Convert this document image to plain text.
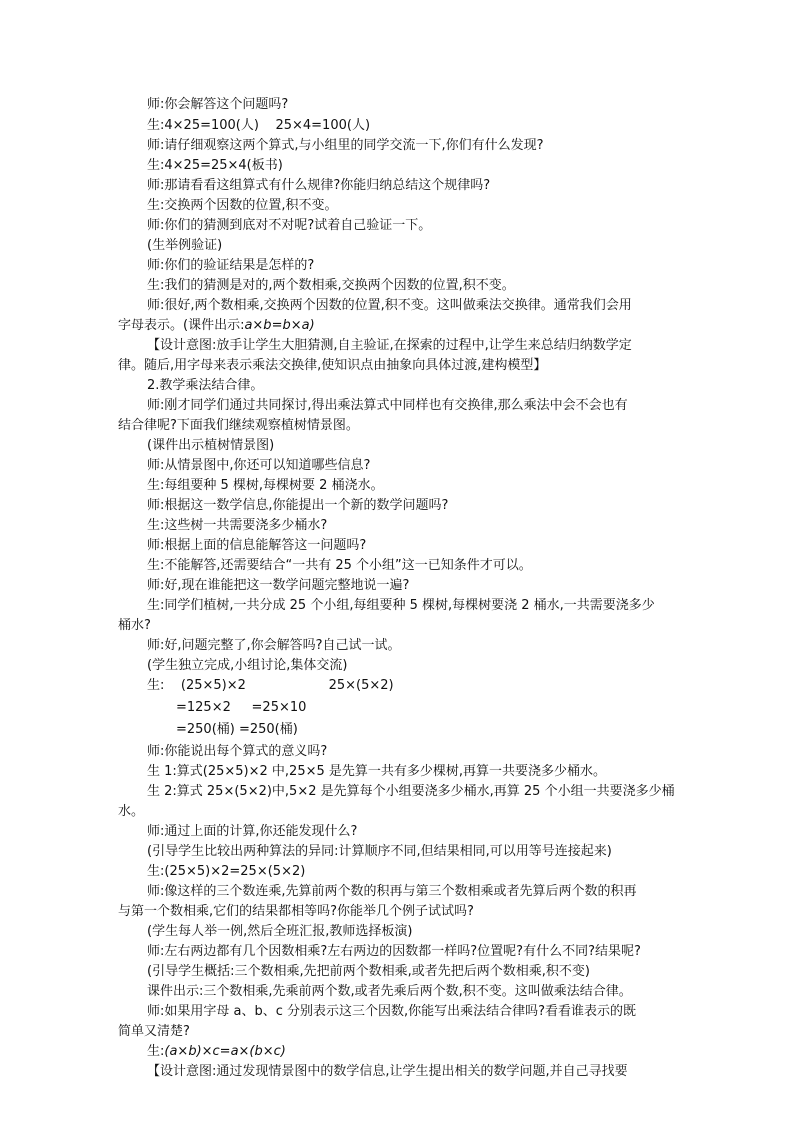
师:你会解答这个问题吗?
生:4×25=100(人)    25×4=100(人)
师:请仔细观察这两个算式,与小组里的同学交流一下,你们有什么发现?
生:4×25=25×4(板书)
师:那请看看这组算式有什么规律?你能归纳总结这个规律吗?
生:交换两个因数的位置,积不变。
师:你们的猜测到底对不对呢?试着自己验证一下。
(生举例验证)
师:你们的验证结果是怎样的?
生:我们的猜测是对的,两个数相乘,交换两个因数的位置,积不变。
师:很好,两个数相乘,交换两个因数的位置,积不变。这叫做乘法交换律。通常我们会用
字母表示。(课件出示:a×b=b×a)
【设计意图:放手让学生大胆猜测,自主验证,在探索的过程中,让学生来总结归纳数学定
律。随后,用字母来表示乘法交换律,使知识点由抽象向具体过渡,建构模型】
2.教学乘法结合律。
师:刚才同学们通过共同探讨,得出乘法算式中同样也有交换律,那么乘法中会不会也有
结合律呢?下面我们继续观察植树情景图。
(课件出示植树情景图)
师:从情景图中,你还可以知道哪些信息?
生:每组要种 5 棵树,每棵树要 2 桶浇水。
师:根据这一数学信息,你能提出一个新的数学问题吗?
生:这些树一共需要浇多少桶水?
师:根据上面的信息能解答这一问题吗?
生:不能解答,还需要结合“一共有 25 个小组”这一已知条件才可以。
师:好,现在谁能把这一数学问题完整地说一遍?
生:同学们植树,一共分成 25 个小组,每组要种 5 棵树,每棵树要浇 2 桶水,一共需要浇多少
桶水?
师:好,问题完整了,你会解答吗?自己试一试。
(学生独立完成,小组讨论,集体交流)
生:    (25×5)×2                    25×(5×2)
=125×2     =25×10
=250(桶) =250(桶)
师:你能说出每个算式的意义吗?
生 1:算式(25×5)×2 中,25×5 是先算一共有多少棵树,再算一共要浇多少桶水。
生 2:算式 25×(5×2)中,5×2 是先算每个小组要浇多少桶水,再算 25 个小组一共要浇多少桶
水。
师:通过上面的计算,你还能发现什么?
(引导学生比较出两种算法的异同:计算顺序不同,但结果相同,可以用等号连接起来)
生:(25×5)×2=25×(5×2)
师:像这样的三个数连乘,先算前两个数的积再与第三个数相乘或者先算后两个数的积再
与第一个数相乘,它们的结果都相等吗?你能举几个例子试试吗?
(学生每人举一例,然后全班汇报,教师选择板演)
师:左右两边都有几个因数相乘?左右两边的因数都一样吗?位置呢?有什么不同?结果呢?
(引导学生概括:三个数相乘,先把前两个数相乘,或者先把后两个数相乘,积不变)
课件出示:三个数相乘,先乘前两个数,或者先乘后两个数,积不变。这叫做乘法结合律。
师:如果用字母 a、b、c 分别表示这三个因数,你能写出乘法结合律吗?看看谁表示的既
简单又清楚?
生:(a×b)×c=a×(b×c)
【设计意图:通过发现情景图中的数学信息,让学生提出相关的数学问题,并自己寻找要
